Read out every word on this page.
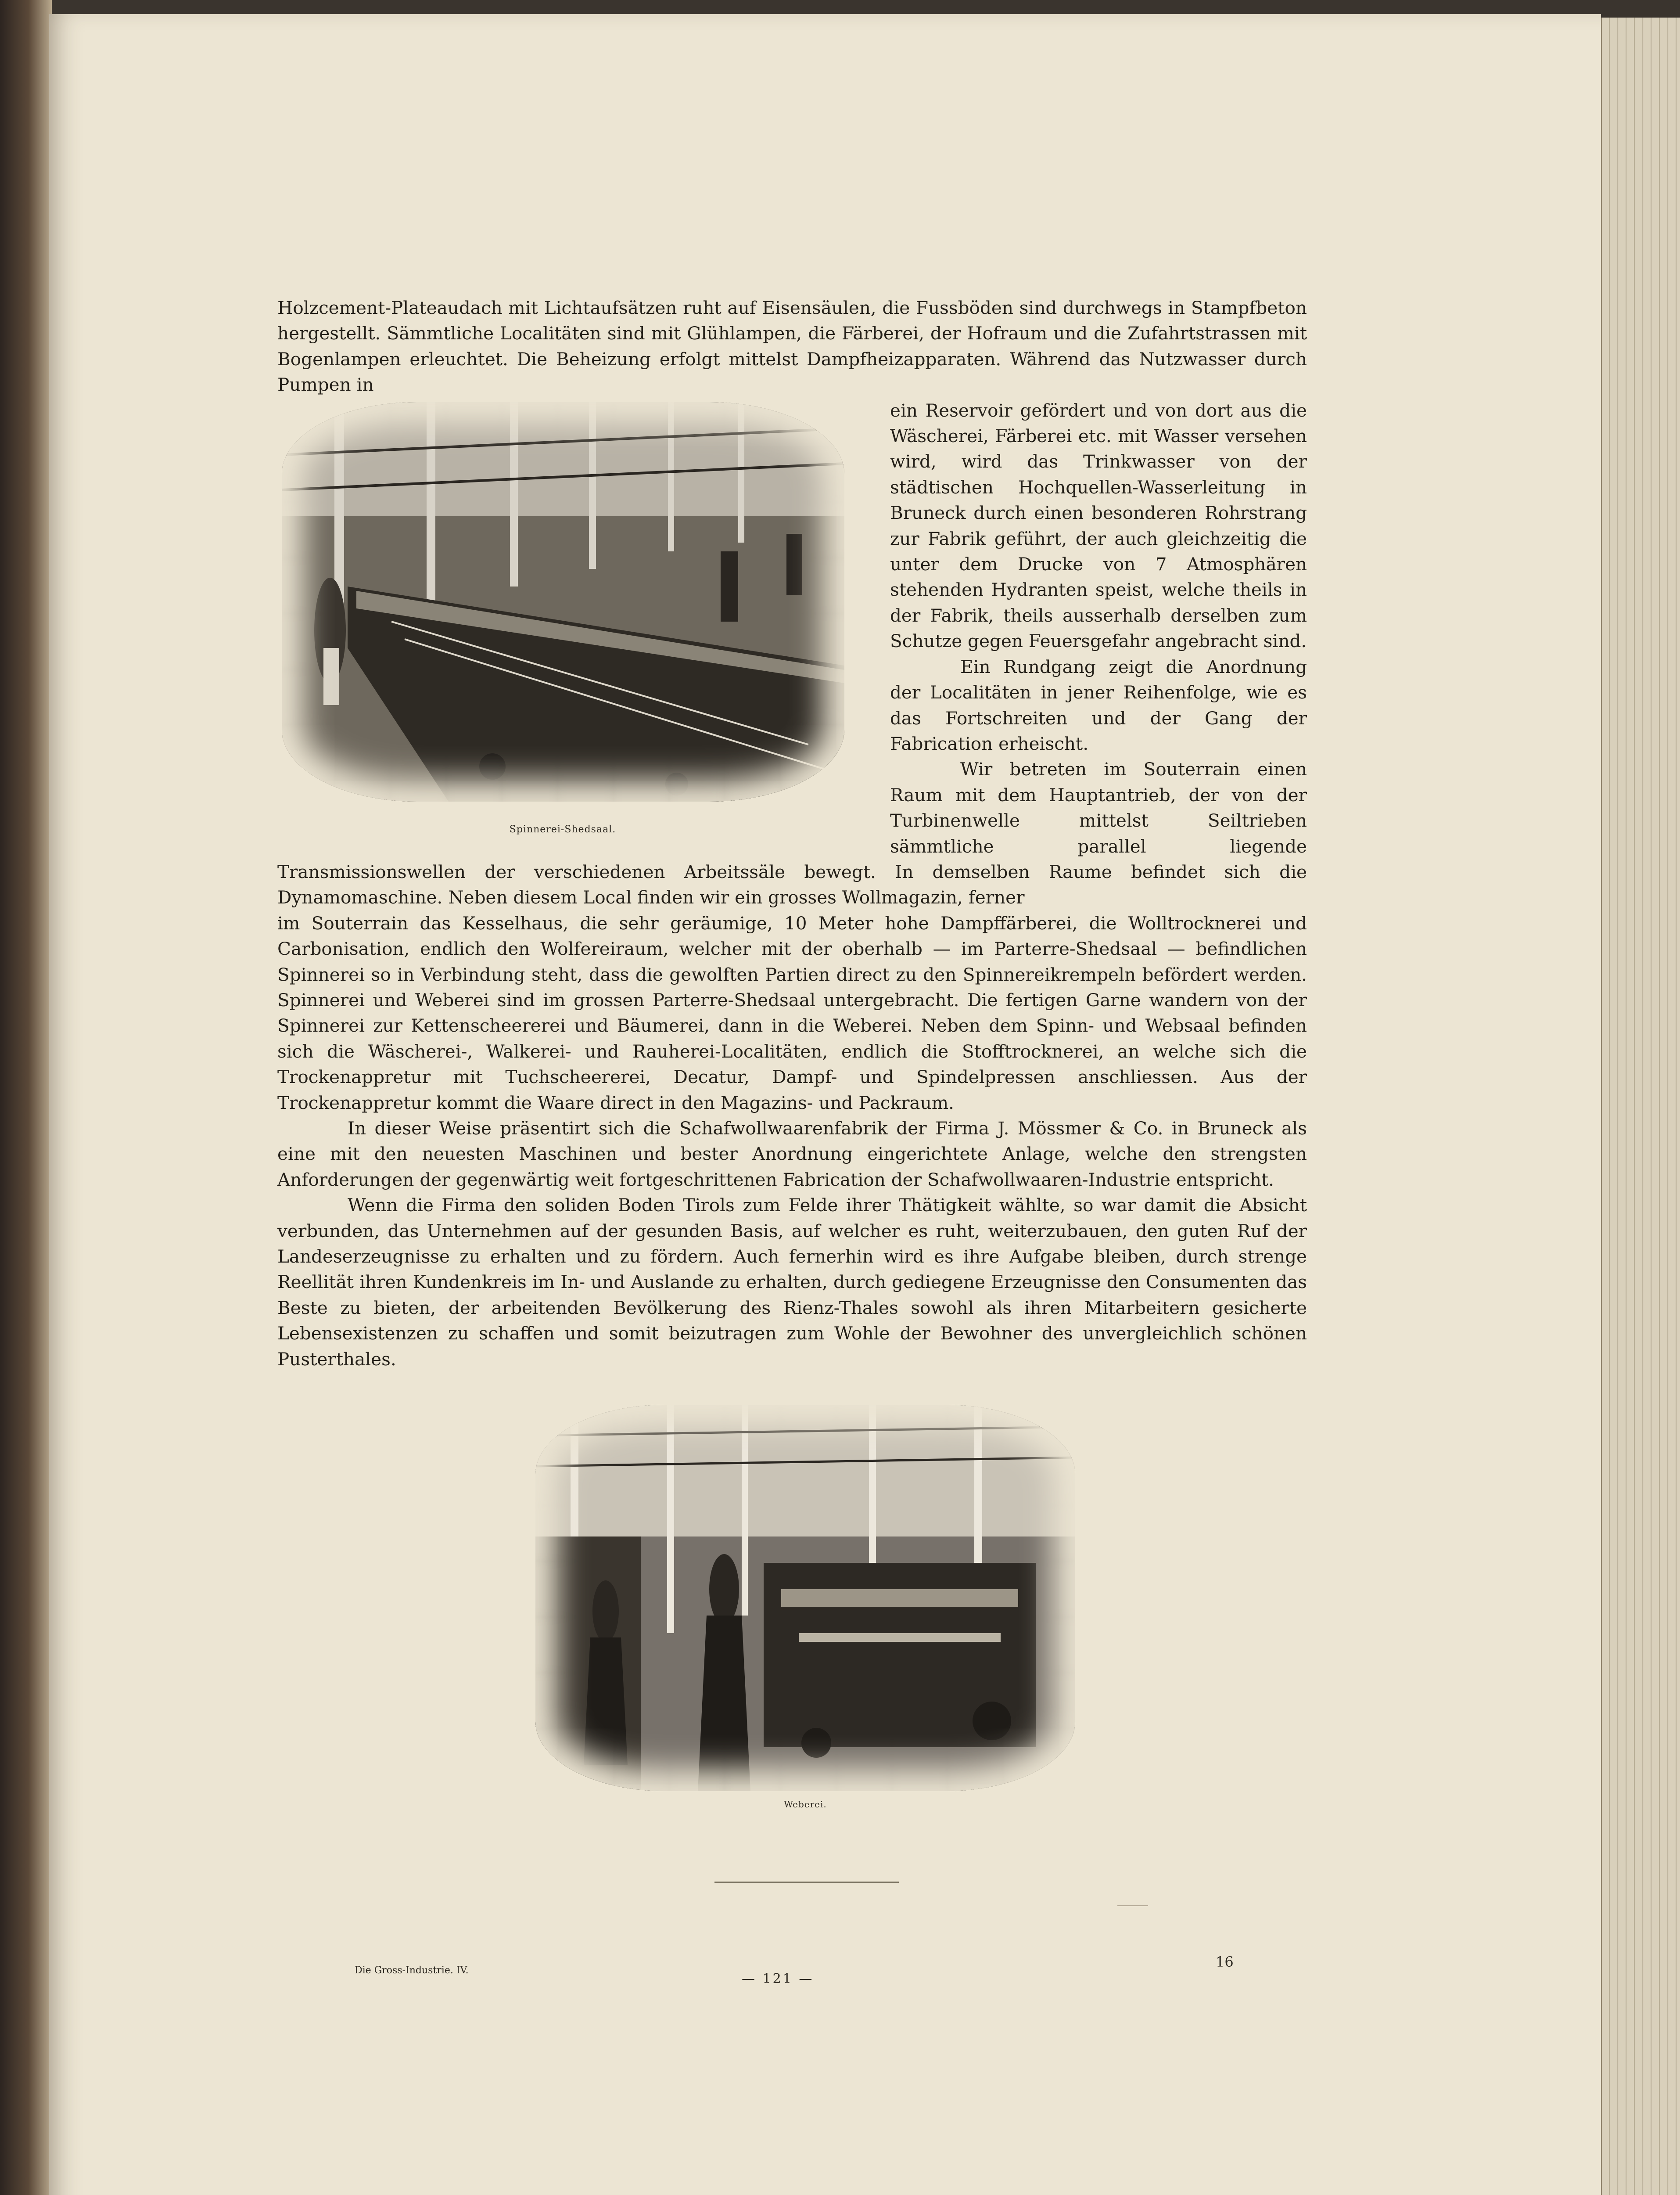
Holzcement-Plateaudach mit Lichtaufsätzen ruht auf Eisensäulen, die Fussböden sind durchwegs in Stampfbeton hergestellt. Sämmtliche Localitäten sind mit Glühlampen, die Färberei, der Hofraum und die Zufahrtstrassen mit Bogenlampen erleuchtet. Die Beheizung erfolgt mittelst Dampfheizapparaten. Während das Nutzwasser durch Pumpen in

Spinnerei-Shedsaal.

ein Reservoir gefördert und von dort aus die Wäscherei, Färberei etc. mit Wasser versehen wird, wird das Trinkwasser von der städtischen Hochquellen-Wasserleitung in Bruneck durch einen besonderen Rohrstrang zur Fabrik geführt, der auch gleichzeitig die unter dem Drucke von 7 Atmosphären stehenden Hydranten speist, welche theils in der Fabrik, theils ausserhalb derselben zum Schutze gegen Feuersgefahr angebracht sind.

Ein Rundgang zeigt die Anordnung der Localitäten in jener Reihenfolge, wie es das Fortschreiten und der Gang der Fabrication erheischt.

Wir betreten im Souterrain einen Raum mit dem Hauptantrieb, der von der Turbinenwelle mittelst Seiltrieben sämmtliche parallel liegende Transmissionswellen der verschiedenen Arbeitssäle bewegt. In demselben Raume befindet sich die Dynamomaschine. Neben diesem Local finden wir ein grosses Wollmagazin, ferner

im Souterrain das Kesselhaus, die sehr geräumige, 10 Meter hohe Dampffärberei, die Wolltrocknerei und Carbonisation, endlich den Wolfereiraum, welcher mit der oberhalb — im Parterre-Shedsaal — befindlichen Spinnerei so in Verbindung steht, dass die gewolften Partien direct zu den Spinnereikrempeln befördert werden. Spinnerei und Weberei sind im grossen Parterre-Shedsaal untergebracht. Die fertigen Garne wandern von der Spinnerei zur Kettenscheererei und Bäumerei, dann in die Weberei. Neben dem Spinn- und Websaal befinden sich die Wäscherei-, Walkerei- und Rauherei-Localitäten, endlich die Stofftrocknerei, an welche sich die Trockenappretur mit Tuchscheererei, Decatur, Dampf- und Spindelpressen anschliessen. Aus der Trockenappretur kommt die Waare direct in den Magazins- und Packraum.

In dieser Weise präsentirt sich die Schafwollwaarenfabrik der Firma J. Mössmer & Co. in Bruneck als eine mit den neuesten Maschinen und bester Anordnung eingerichtete Anlage, welche den strengsten Anforderungen der gegenwärtig weit fortgeschrittenen Fabrication der Schafwollwaaren-Industrie entspricht.

Wenn die Firma den soliden Boden Tirols zum Felde ihrer Thätigkeit wählte, so war damit die Absicht verbunden, das Unternehmen auf der gesunden Basis, auf welcher es ruht, weiterzubauen, den guten Ruf der Landeserzeugnisse zu erhalten und zu fördern. Auch fernerhin wird es ihre Aufgabe bleiben, durch strenge Reellität ihren Kundenkreis im In- und Auslande zu erhalten, durch gediegene Erzeugnisse den Consumenten das Beste zu bieten, der arbeitenden Bevölkerung des Rienz-Thales sowohl als ihren Mitarbeitern gesicherte Lebensexistenzen zu schaffen und somit beizutragen zum Wohle der Bewohner des unvergleichlich schönen Pusterthales.

Weberei.
Die Gross-Industrie. IV.
— 121 —
16
